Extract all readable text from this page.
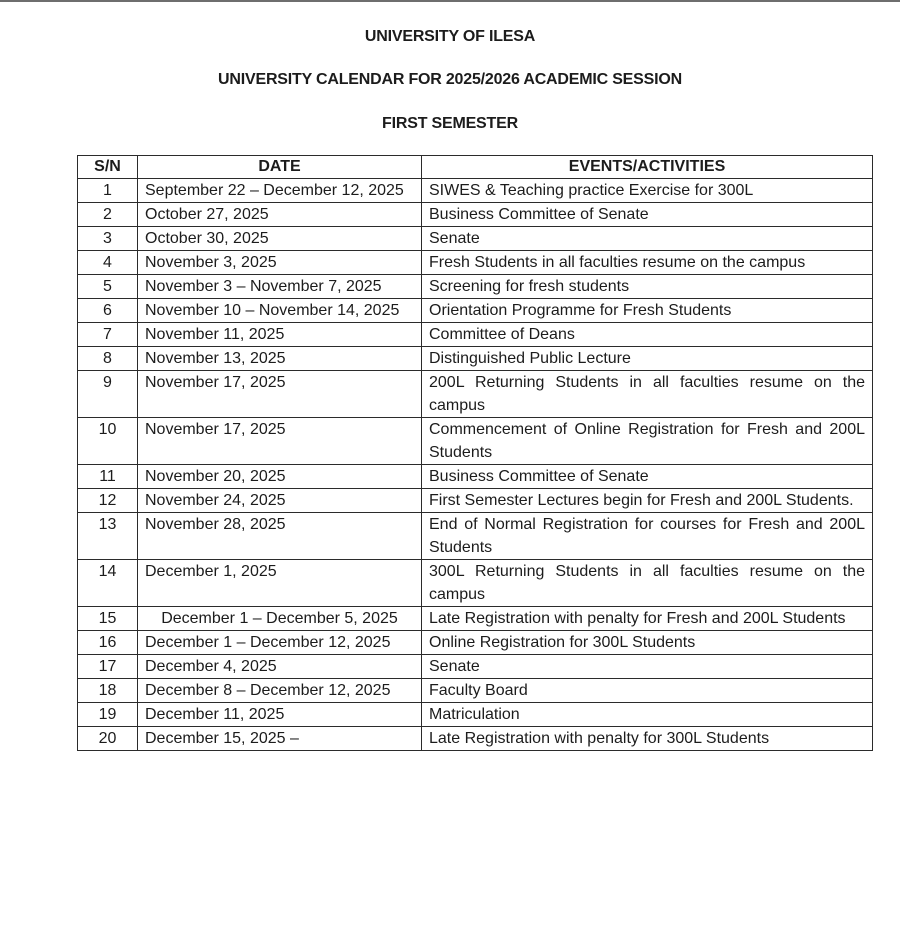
UNIVERSITY OF ILESA
UNIVERSITY CALENDAR FOR 2025/2026 ACADEMIC SESSION
FIRST SEMESTER
S/N	DATE	EVENTS/ACTIVITIES
1	September 22 – December 12, 2025	SIWES & Teaching practice Exercise for 300L
2	October 27, 2025	Business Committee of Senate
3	October 30, 2025	Senate
4	November 3, 2025	Fresh Students in all faculties resume on the campus
5	November 3 – November 7, 2025	Screening for fresh students
6	November 10 – November 14, 2025	Orientation Programme for Fresh Students
7	November 11, 2025	Committee of Deans
8	November 13, 2025	Distinguished Public Lecture
9	November 17, 2025	200L Returning Students in all faculties resume on the campus
10	November 17, 2025	Commencement of Online Registration for Fresh and 200L Students
11	November 20, 2025	Business Committee of Senate
12	November 24, 2025	First Semester Lectures begin for Fresh and 200L Students.
13	November 28, 2025	End of Normal Registration for courses for Fresh and 200L Students
14	December 1, 2025	300L Returning Students in all faculties resume on the campus
15	December 1 – December 5, 2025	Late Registration with penalty for Fresh and 200L Students
16	December 1 – December 12, 2025	Online Registration for 300L Students
17	December 4, 2025	Senate
18	December 8 – December 12, 2025	Faculty Board
19	December 11, 2025	Matriculation
20	December 15, 2025 –	Late Registration with penalty for 300L Students
